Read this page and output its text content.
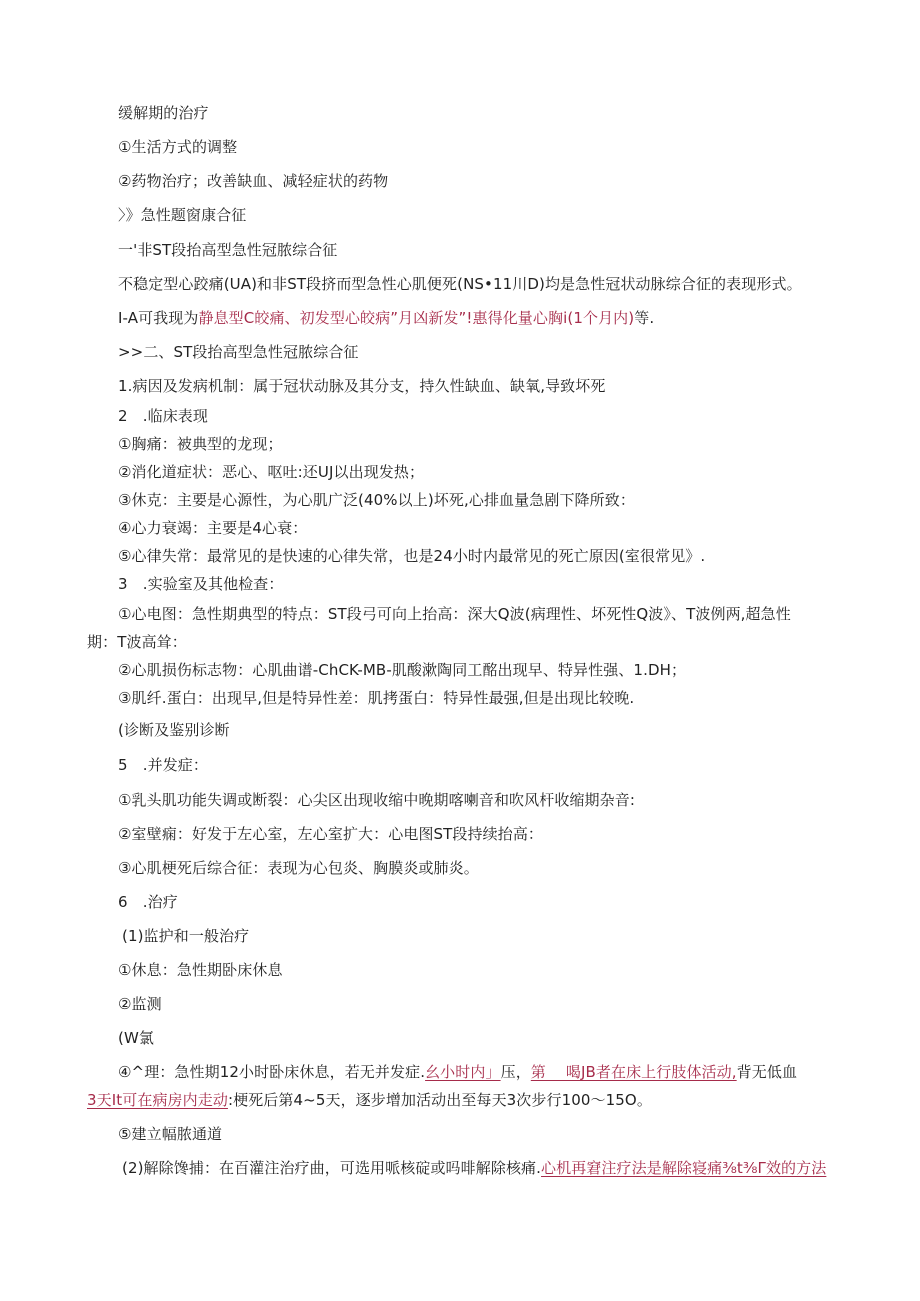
缓解期的治疗
①生活方式的调整
②药物治疗；改善缺血、减轻症状的药物
〉》急性题窗康合征
一'非ST段抬高型急性冠脓综合征
不稳定型心跤痛(UA)和非ST段挤而型急性心肌便死(NS•11川D)均是急性冠状动脉综合征的表现形式。
I-A可我现为静息型C皎痛、初发型心皎病”月凶新发”!惠得化量心胸i(1个月内)等.
>>二、ST段抬高型急性冠脓综合征
1.病因及发病机制：属于冠状动脉及其分支，持久性缺血、缺氧,导致坏死
2　.临床表现
①胸痛：被典型的龙现；
②消化道症状：恶心、呕吐:还UJ以出现发热；
③休克：主要是心源性，为心肌广泛(40%以上)坏死,心排血量急剧下降所致：
④心力衰竭：主要是4心衰：
⑤心律失常：最常见的是快速的心律失常，也是24小时内最常见的死亡原因(室很常见》.
3　.实验室及其他检查：
①心电图：急性期典型的特点：ST段弓可向上抬高：深大Q波(病理性、坏死性Q波》、T波例两,超急性
期：T波高耸：
②心肌损伤标志物：心肌曲谱-ChCK-MB-肌酸漱陶同工酩出现早、特异性强、1.DH；
③肌纤.蛋白：出现早,但是特异性差：肌拷蛋白：特异性最强,但是出现比较晚.
(诊断及鉴别诊断
5　.并发症：
①乳头肌功能失调或断裂：心尖区出现收缩中晚期喀喇音和吹风杆收缩期杂音:
②室壁痫：好发于左心室，左心室扩大：心电图ST段持续抬高：
③心肌梗死后综合征：表现为心包炎、胸膜炎或肺炎。
6　.治疗
(1)监护和一般治疗
①休息：急性期卧床休息
②监测
(W氯
④^理：急性期12小时卧床休息，若无并发症.幺小时内」压，第　 喝JB者在床上行肢体活动,背无低血
3天It可在病房内走动:梗死后第4~5天，逐步增加活动出至每天3次步行100〜15O。
⑤建立幅脓通道
(2)解除馋捕：在百灌注治疗曲，可选用哌核碇或吗啡解除核痛.心机再窘注疗法是解除寝痛⅜t⅜Γ效的方法
